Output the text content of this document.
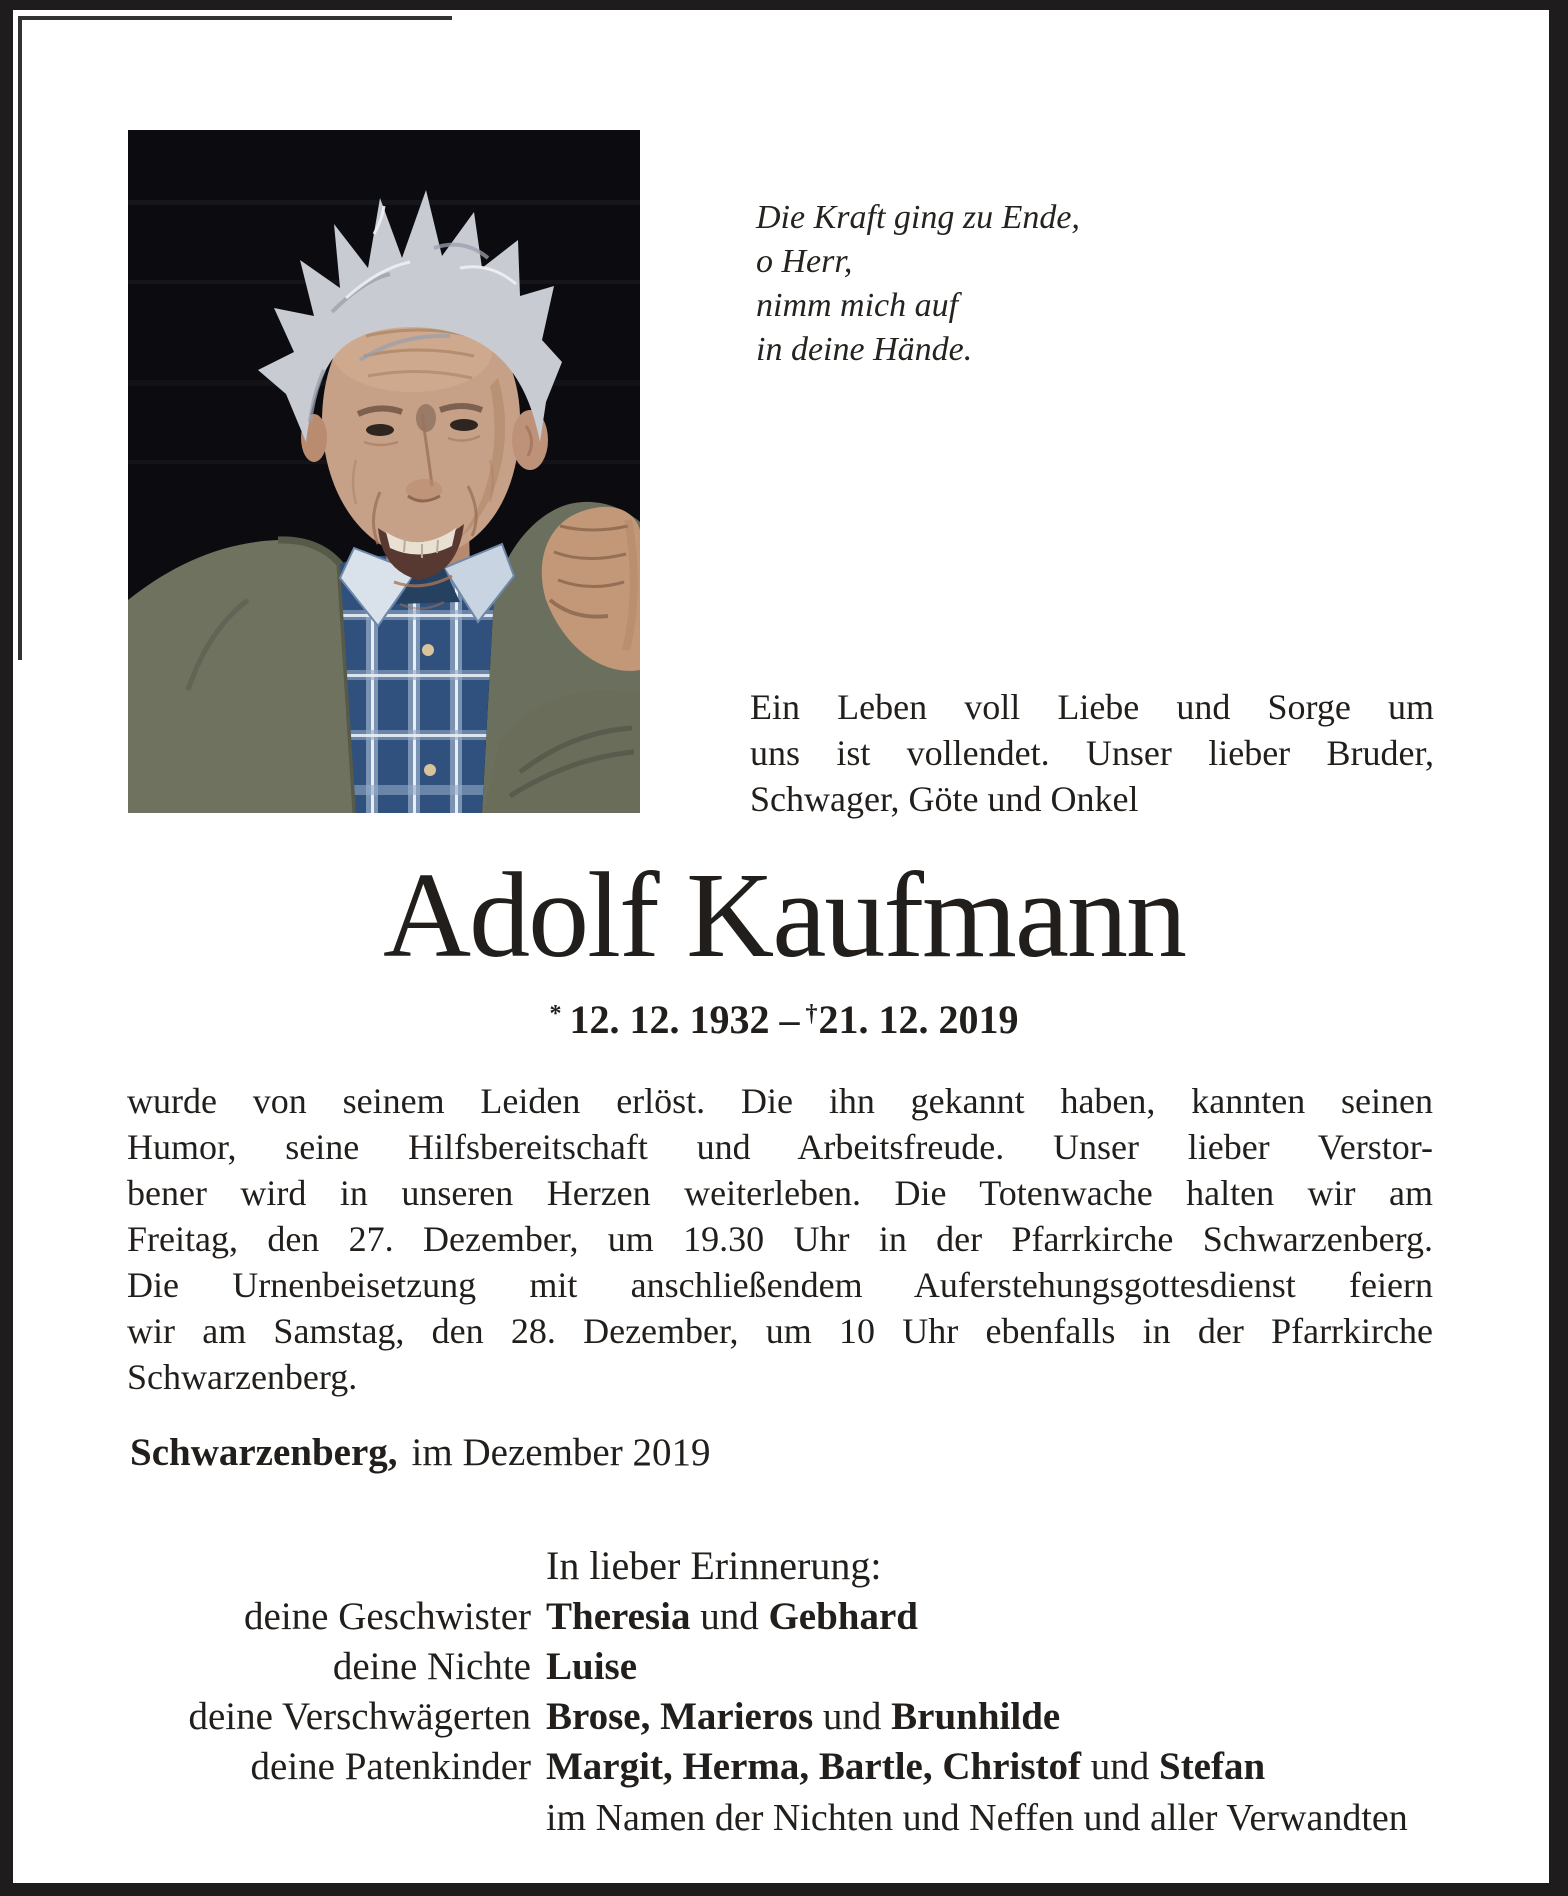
Die Kraft ging zu Ende,
o Herr,
nimm mich auf
in deine Hände.
Ein Leben voll Liebe und Sorge um
uns ist vollendet. Unser lieber Bruder,
Schwager, Göte und Onkel
Adolf Kaufmann
* 12. 12. 1932 – †21. 12. 2019
wurde von seinem Leiden erlöst. Die ihn gekannt haben, kannten seinen
Humor, seine Hilfsbereitschaft und Arbeitsfreude. Unser lieber Verstor-
bener wird in unseren Herzen weiterleben. Die Totenwache halten wir am
Freitag, den 27. Dezember, um 19.30 Uhr in der Pfarrkirche Schwarzenberg.
Die Urnenbeisetzung mit anschließendem Auferstehungsgottesdienst feiern
wir am Samstag, den 28. Dezember, um 10 Uhr ebenfalls in der Pfarrkirche
Schwarzenberg.
Schwarzenberg, im Dezember 2019
In lieber Erinnerung:
deine Geschwister Theresia und Gebhard
deine Nichte Luise
deine Verschwägerten Brose, Marieros und Brunhilde
deine Patenkinder Margit, Herma, Bartle, Christof und Stefan
im Namen der Nichten und Neffen und aller Verwandten
